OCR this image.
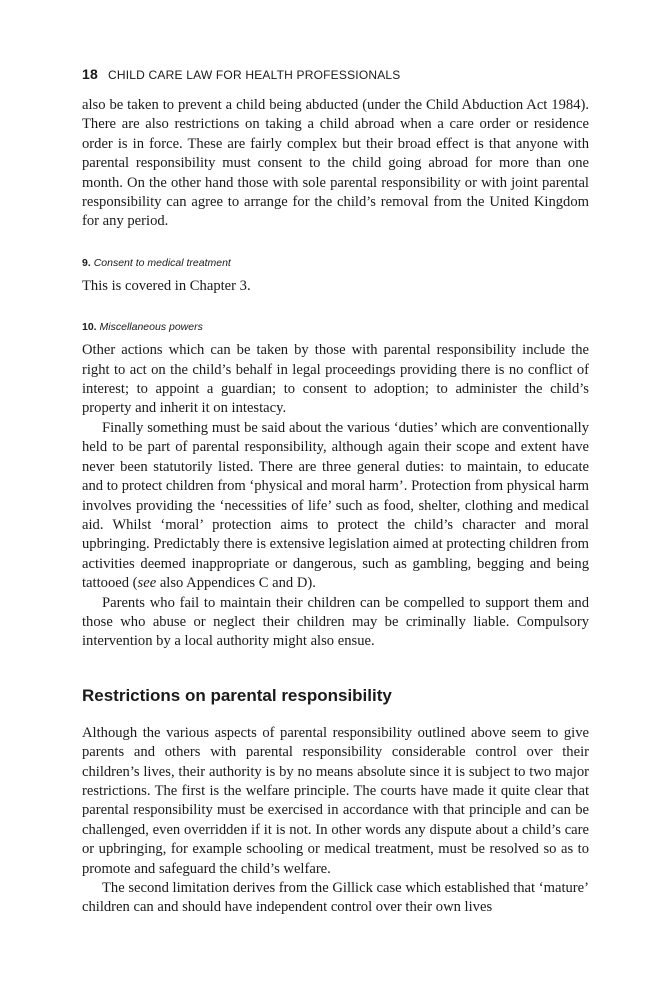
18 CHILD CARE LAW FOR HEALTH PROFESSIONALS

also be taken to prevent a child being abducted (under the Child Abduction Act 1984). There are also restrictions on taking a child abroad when a care order or residence order is in force. These are fairly complex but their broad effect is that anyone with parental responsibility must consent to the child going abroad for more than one month. On the other hand those with sole parental responsibility or with joint parental responsibility can agree to arrange for the child’s removal from the United Kingdom for any period.

9. Consent to medical treatment

This is covered in Chapter 3.

10. Miscellaneous powers

Other actions which can be taken by those with parental responsibility include the right to act on the child’s behalf in legal proceedings providing there is no conflict of interest; to appoint a guardian; to consent to adoption; to administer the child’s property and inherit it on intestacy.

Finally something must be said about the various ‘duties’ which are conventionally held to be part of parental responsibility, although again their scope and extent have never been statutorily listed. There are three general duties: to maintain, to educate and to protect children from ‘physical and moral harm’. Protection from physical harm involves providing the ‘necessities of life’ such as food, shelter, clothing and medical aid. Whilst ‘moral’ protection aims to protect the child’s character and moral upbringing. Predictably there is extensive legislation aimed at protecting children from activities deemed inappropriate or dangerous, such as gambling, begging and being tattooed (see also Appendices C and D).

Parents who fail to maintain their children can be compelled to support them and those who abuse or neglect their children may be criminally liable. Compulsory intervention by a local authority might also ensue.

Restrictions on parental responsibility

Although the various aspects of parental responsibility outlined above seem to give parents and others with parental responsibility considerable control over their children’s lives, their authority is by no means absolute since it is subject to two major restrictions. The first is the welfare principle. The courts have made it quite clear that parental responsibility must be exercised in accordance with that principle and can be challenged, even overridden if it is not. In other words any dispute about a child’s care or upbringing, for example schooling or medical treatment, must be resolved so as to promote and safeguard the child’s welfare.

The second limitation derives from the Gillick case which established that ‘mature’ children can and should have independent control over their own lives
